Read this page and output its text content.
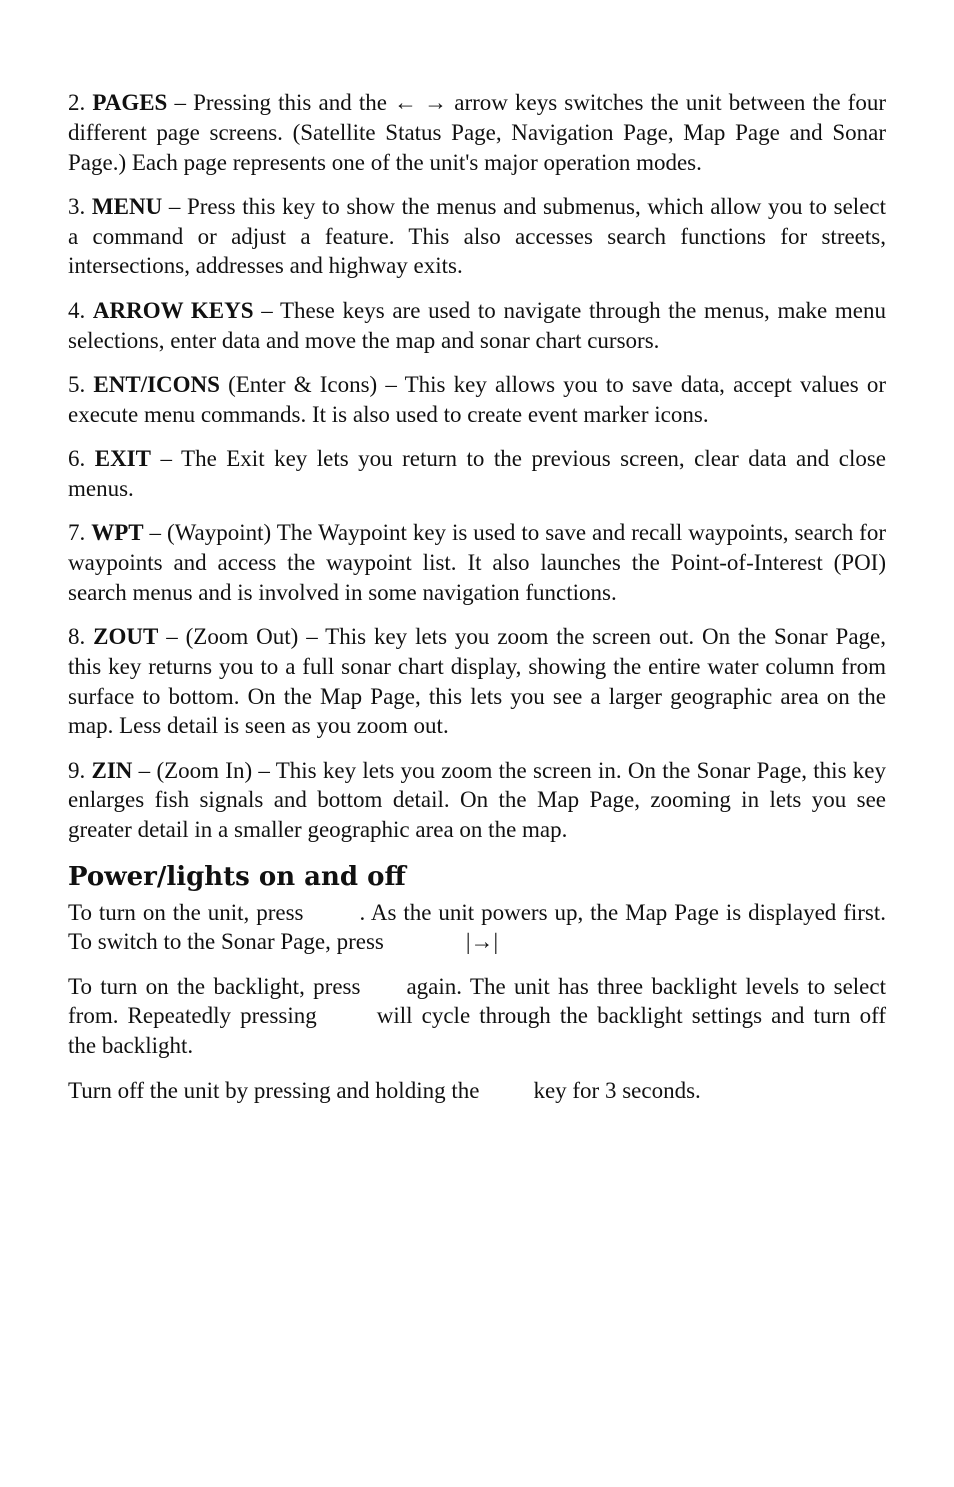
2. PAGES – Pressing this and the ← → arrow keys switches the unit between the four different page screens. (Satellite Status Page, Navigation Page, Map Page and Sonar Page.) Each page represents one of the unit's major operation modes.

3. MENU – Press this key to show the menus and submenus, which allow you to select a command or adjust a feature. This also accesses search functions for streets, intersections, addresses and highway exits.

4. ARROW KEYS – These keys are used to navigate through the menus, make menu selections, enter data and move the map and sonar chart cursors.

5. ENT/ICONS (Enter & Icons) – This key allows you to save data, accept values or execute menu commands. It is also used to create event marker icons.

6. EXIT – The Exit key lets you return to the previous screen, clear data and close menus.

7. WPT – (Waypoint) The Waypoint key is used to save and recall waypoints, search for waypoints and access the waypoint list. It also launches the Point-of-Interest (POI) search menus and is involved in some navigation functions.

8. ZOUT – (Zoom Out) – This key lets you zoom the screen out. On the Sonar Page, this key returns you to a full sonar chart display, showing the entire water column from surface to bottom. On the Map Page, this lets you see a larger geographic area on the map. Less detail is seen as you zoom out.

9. ZIN – (Zoom In) – This key lets you zoom the screen in. On the Sonar Page, this key enlarges fish signals and bottom detail. On the Map Page, zooming in lets you see greater detail in a smaller geographic area on the map.

Power/lights on and off

To turn on the unit, press . As the unit powers up, the Map Page is displayed first. To switch to the Sonar Page, press	|→|

To turn on the backlight, press again. The unit has three backlight levels to select from. Repeatedly pressing	will cycle through the backlight settings and turn off the backlight.

Turn off the unit by pressing and holding the key for 3 seconds.
